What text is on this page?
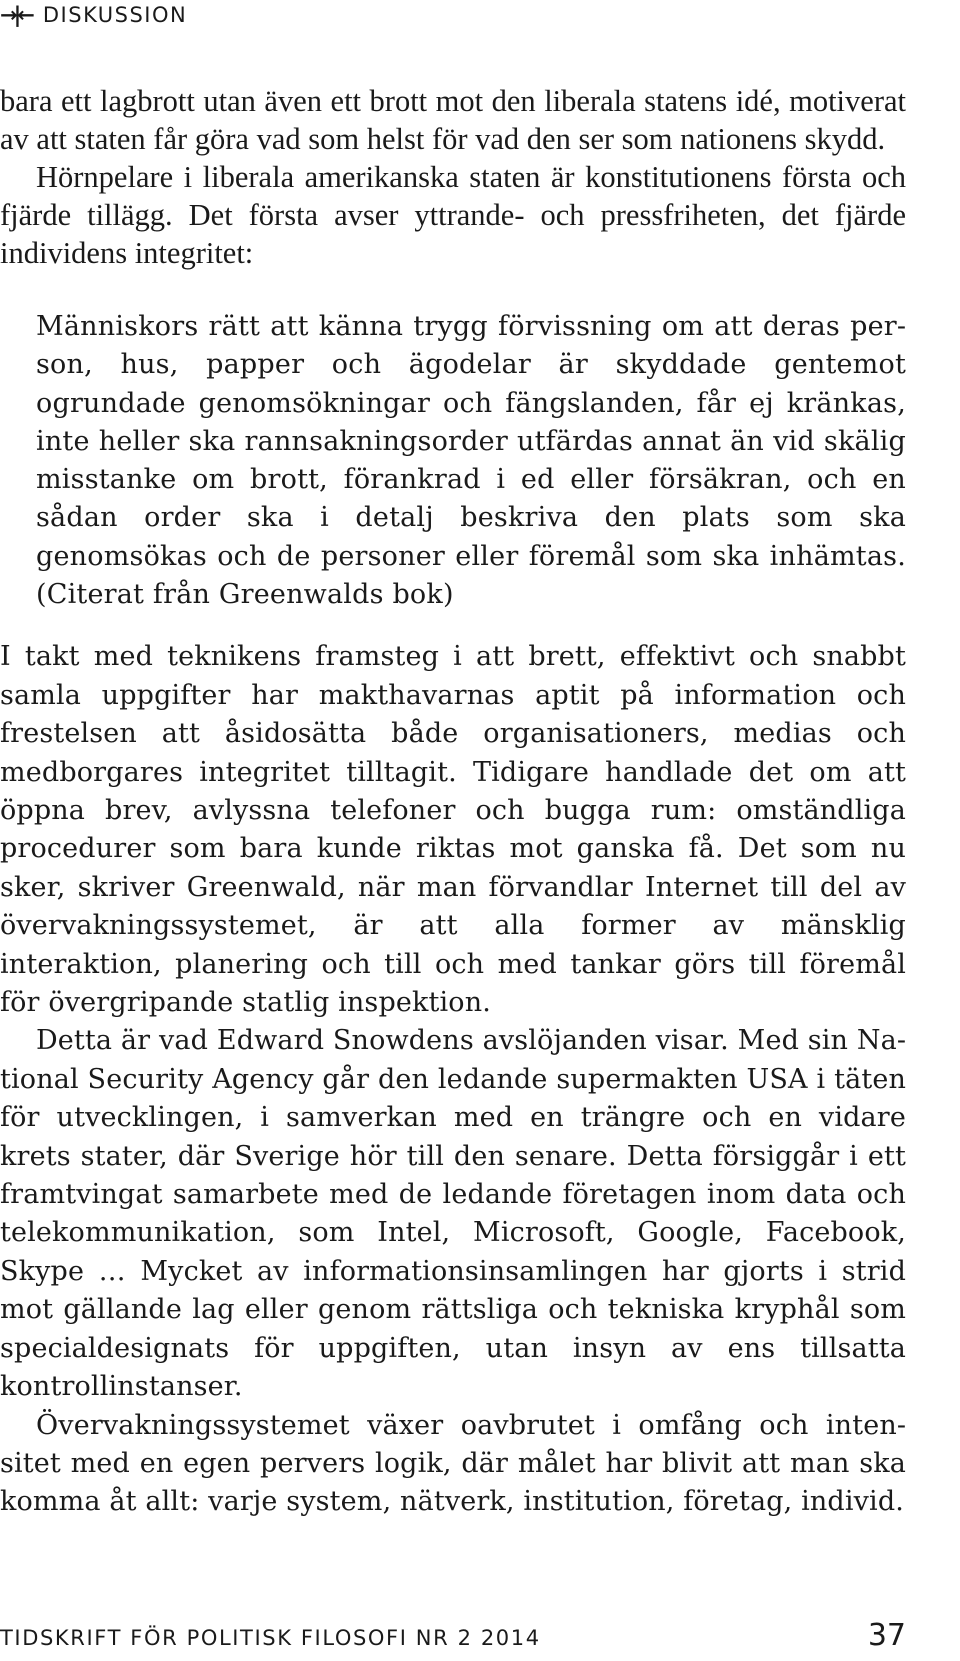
→|← DISKUSSION

bara ett lagbrott utan även ett brott mot den liberala statens idé, motiverat av att staten får göra vad som helst för vad den ser som nationens skydd.

Hörnpelare i liberala amerikanska staten är konstitutionens första och fjärde tillägg. Det första avser yttrande- och pressfriheten, det fjärde individens integritet:

Människors rätt att känna trygg förvissning om att deras person, hus, papper och ägodelar är skyddade gentemot ogrundade genomsökningar och fängslanden, får ej kränkas, inte heller ska rannsakningsorder utfärdas annat än vid skälig misstanke om brott, förankrad i ed eller försäkran, och en sådan order ska i detalj beskriva den plats som ska genomsökas och de personer eller föremål som ska inhämtas. (Citerat från Greenwalds bok)

I takt med teknikens framsteg i att brett, effektivt och snabbt samla uppgifter har makthavarnas aptit på information och frestelsen att åsidosätta både organisationers, medias och medborgares integritet tilltagit. Tidigare handlade det om att öppna brev, avlyssna telefoner och bugga rum: omständliga procedurer som bara kunde riktas mot ganska få. Det som nu sker, skriver Greenwald, när man förvandlar Internet till del av övervakningssystemet, är att alla former av mänsklig interaktion, planering och till och med tankar görs till föremål för övergripande statlig inspektion.

Detta är vad Edward Snowdens avslöjanden visar. Med sin National Security Agency går den ledande supermakten USA i täten för utvecklingen, i samverkan med en trängre och en vidare krets stater, där Sverige hör till den senare. Detta försiggår i ett framtvingat samarbete med de ledande företagen inom data och telekommunikation, som Intel, Microsoft, Google, Facebook, Skype … Mycket av informationsinsamlingen har gjorts i strid mot gällande lag eller genom rättsliga och tekniska kryphål som specialdesignats för uppgiften, utan insyn av ens tillsatta kontrollinstanser.

Övervakningssystemet växer oavbrutet i omfång och intensitet med en egen pervers logik, där målet har blivit att man ska komma åt allt: varje system, nätverk, institution, företag, individ.

TIDSKRIFT FÖR POLITISK FILOSOFI NR 2 2014	37
